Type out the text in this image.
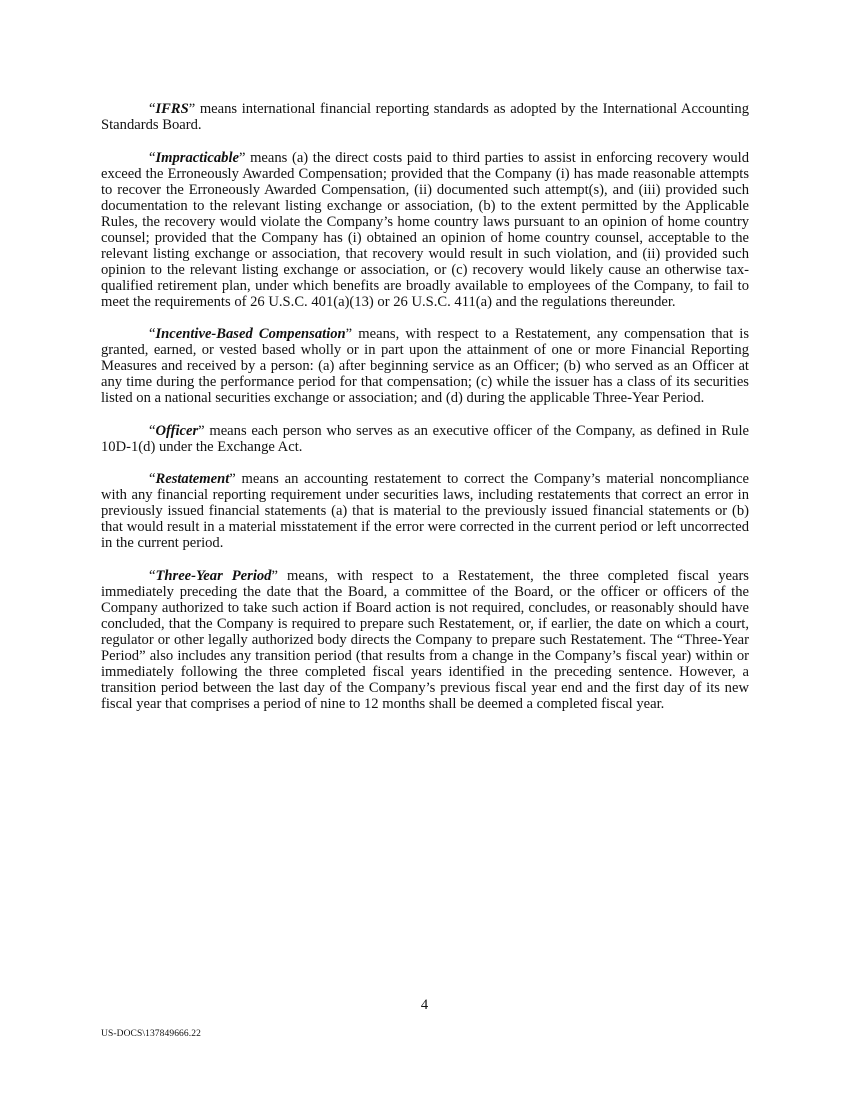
“IFRS” means international financial reporting standards as adopted by the International Accounting Standards Board.

“Impracticable” means (a) the direct costs paid to third parties to assist in enforcing recovery would exceed the Erroneously Awarded Compensation; provided that the Company (i) has made reasonable attempts to recover the Erroneously Awarded Compensation, (ii) documented such attempt(s), and (iii) provided such documentation to the relevant listing exchange or association, (b) to the extent permitted by the Applicable Rules, the recovery would violate the Company’s home country laws pursuant to an opinion of home country counsel; provided that the Company has (i) obtained an opinion of home country counsel, acceptable to the relevant listing exchange or association, that recovery would result in such violation, and (ii) provided such opinion to the relevant listing exchange or association, or (c) recovery would likely cause an otherwise tax-qualified retirement plan, under which benefits are broadly available to employees of the Company, to fail to meet the requirements of 26 U.S.C. 401(a)(13) or 26 U.S.C. 411(a) and the regulations thereunder.

“Incentive-Based Compensation” means, with respect to a Restatement, any compensation that is granted, earned, or vested based wholly or in part upon the attainment of one or more Financial Reporting Measures and received by a person: (a) after beginning service as an Officer; (b) who served as an Officer at any time during the performance period for that compensation; (c) while the issuer has a class of its securities listed on a national securities exchange or association; and (d) during the applicable Three-Year Period.

“Officer” means each person who serves as an executive officer of the Company, as defined in Rule 10D-1(d) under the Exchange Act.

“Restatement” means an accounting restatement to correct the Company’s material noncompliance with any financial reporting requirement under securities laws, including restatements that correct an error in previously issued financial statements (a) that is material to the previously issued financial statements or (b) that would result in a material misstatement if the error were corrected in the current period or left uncorrected in the current period.

“Three-Year Period” means, with respect to a Restatement, the three completed fiscal years immediately preceding the date that the Board, a committee of the Board, or the officer or officers of the Company authorized to take such action if Board action is not required, concludes, or reasonably should have concluded, that the Company is required to prepare such Restatement, or, if earlier, the date on which a court, regulator or other legally authorized body directs the Company to prepare such Restatement. The “Three-Year Period” also includes any transition period (that results from a change in the Company’s fiscal year) within or immediately following the three completed fiscal years identified in the preceding sentence. However, a transition period between the last day of the Company’s previous fiscal year end and the first day of its new fiscal year that comprises a period of nine to 12 months shall be deemed a completed fiscal year.

4
US-DOCS\137849666.22
